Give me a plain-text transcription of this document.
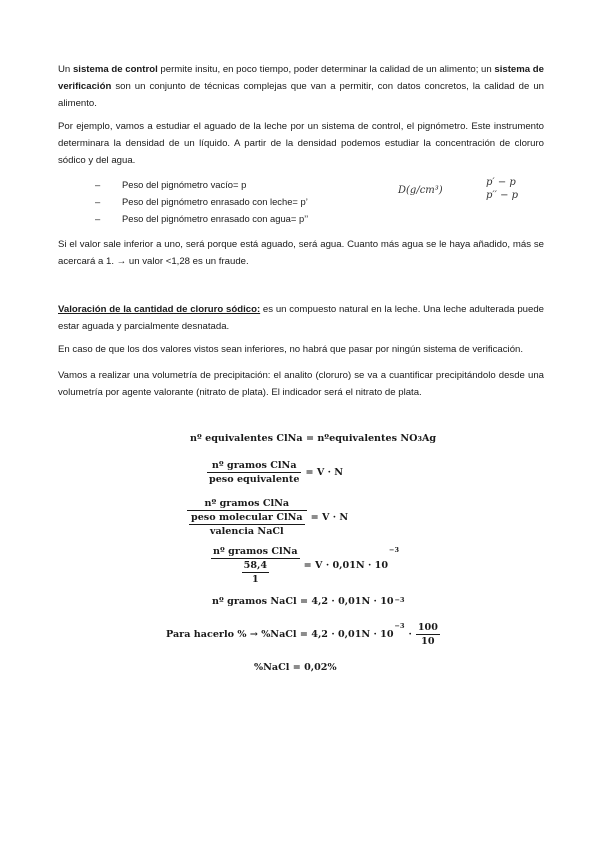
Un sistema de control permite insitu, en poco tiempo, poder determinar la calidad de un alimento; un sistema de verificación son un conjunto de técnicas complejas que van a permitir, con datos concretos, la calidad de un alimento.

Por ejemplo, vamos a estudiar el aguado de la leche por un sistema de control, el pignómetro. Este instrumento determinara la densidad de un líquido. A partir de la densidad podemos estudiar la concentración de cloruro sódico y del agua.

– Peso del pignómetro vacío= p
– Peso del pignómetro enrasado con leche= p’
– Peso del pignómetro enrasado con agua= p’’
D(g/cm³)
p′ − p
p′′ − p

Si el valor sale inferior a uno, será porque está aguado, será agua. Cuanto más agua se le haya añadido, más se acercará a 1. → un valor <1,28 es un fraude.

Valoración de la cantidad de cloruro sódico: es un compuesto natural en la leche. Una leche adulterada puede estar aguada y parcialmente desnatada.

En caso de que los dos valores vistos sean inferiores, no habrá que pasar por ningún sistema de verificación.

Vamos a realizar una volumetría de precipitación: el analito (cloruro) se va a cuantificar precipitándolo desde una volumetría por agente valorante (nitrato de plata). El indicador será el nitrato de plata.

nº equivalentes ClNa = nºequivalentes NO 3 Ag
nº gramos ClNa
peso equivalente
= V · N
nº gramos ClNa
peso molecular ClNa
valencia NaCl
= V · N
nº gramos ClNa
$\frac{58,4}{1}$	= V · 0,01N · 10
−3
nº gramos NaCl = 4,2 · 0,01N · 10 −3
Para hacerlo % → %NaCl = 4,2 · 0,01N · 10
$^{-3}$
·
100
10
%NaCl = 0,02%
